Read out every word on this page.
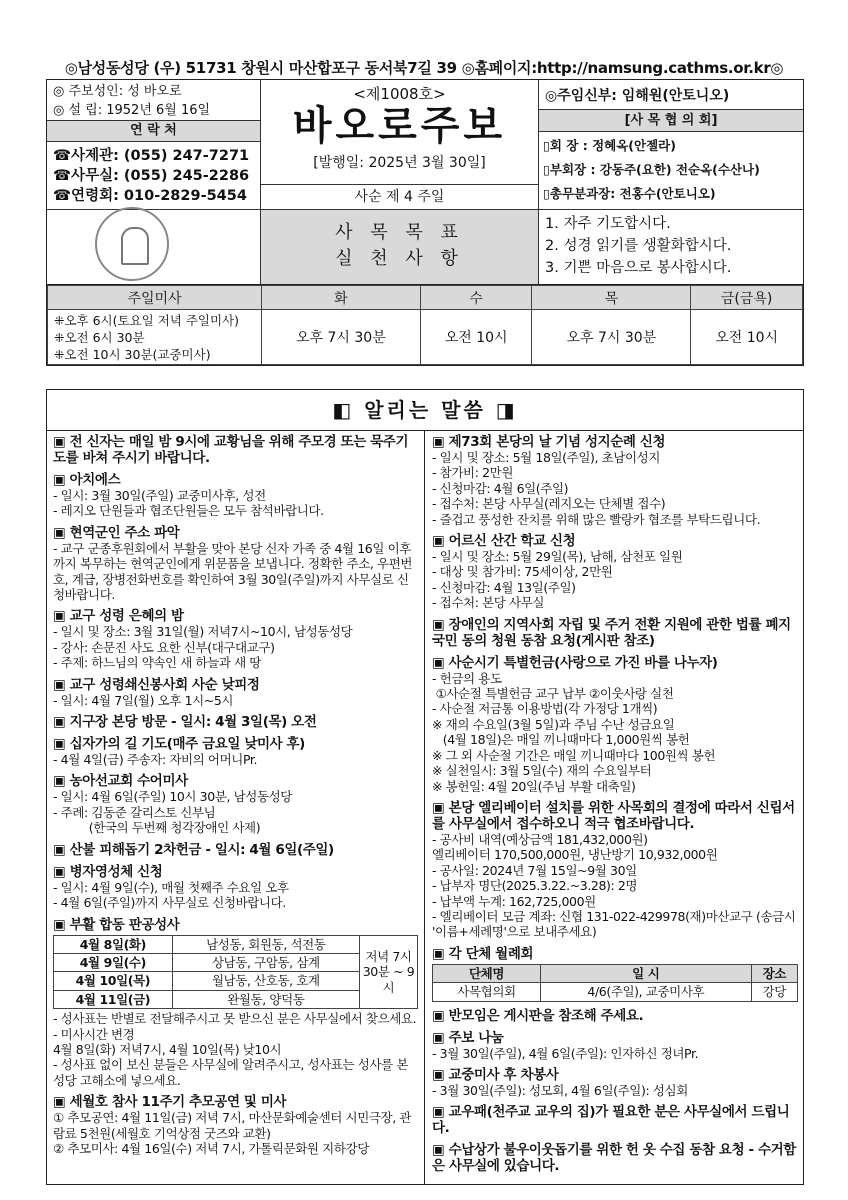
◎남성동성당 (우) 51731 창원시 마산합포구 동서북7길 39 ◎홈페이지:http://namsung.cathms.or.kr◎
◎ 주보성인: 성 바오로
◎ 설 립: 1952년 6월 16일
연 락 처
☎사제관: (055) 247-7271
☎사무실: (055) 245-2286
☎연령회: 010-2829-5454
<제1008호>
바오로주보
[발행일: 2025년 3월 30일]
사순 제 4 주일
사 목 목 표
실 천 사 항
◎주임신부: 임해원(안토니오)
[사 목 협 의 회]
▯회 장 : 정혜옥(안젤라)
▯부회장 : 강동주(요한) 전순옥(수산나)
▯총무분과장: 전홍수(안토니오)
1. 자주 기도합시다.
2. 성경 읽기를 생활화합시다.
3. 기쁜 마음으로 봉사합시다.
주일미사	화	수	목	금(금욕)

⁜오후 6시(토요일 저녁 주일미사)
⁜오전 6시 30분
⁜오전 10시 30분(교중미사)	오후 7시 30분	오전 10시	오후 7시 30분	오전 10시
◧ 알리는 말씀 ◨
▣ 전 신자는 매일 밤 9시에 교황님을 위해 주모경 또는 묵주기도를 바쳐 주시기 바랍니다.
▣ 아치에스

- 일시: 3월 30일(주일) 교중미사후, 성전
- 레지오 단원들과 협조단원들은 모두 참석바랍니다.

▣ 현역군인 주소 파악

- 교구 군종후원회에서 부활을 맞아 본당 신자 가족 중 4월 16일 이후까지 복무하는 현역군인에게 위문품을 보냅니다. 정확한 주소, 우편번호, 계급, 장병전화번호를 확인하여 3월 30일(주일)까지 사무실로 신청바랍니다.

▣ 교구 성령 은혜의 밤

- 일시 및 장소: 3월 31일(월) 저녁7시~10시, 남성동성당
- 강사: 손문진 사도 요한 신부(대구대교구)
- 주제: 하느님의 약속인 새 하늘과 새 땅

▣ 교구 성령쇄신봉사회 사순 낮피정

- 일시: 4월 7일(월) 오후 1시~5시

▣ 지구장 본당 방문 - 일시: 4월 3일(목) 오전
▣ 십자가의 길 기도(매주 금요일 낮미사 후)

- 4월 4일(금) 주송자: 자비의 어머니Pr.

▣ 농아선교회 수어미사

- 일시: 4월 6일(주일) 10시 30분, 남성동성당
- 주례: 김동준 갈리스토 신부님
(한국의 두번째 청각장애인 사제)

▣ 산불 피해돕기 2차헌금 - 일시: 4월 6일(주일)
▣ 병자영성체 신청

- 일시: 4월 9일(수), 매월 첫째주 수요일 오후
- 4월 6일(주일)까지 사무실로 신청바랍니다.

▣ 부활 합동 판공성사
4월 8일(화)	남성동, 회원동, 석전동	저녁 7시30분 ~ 9시
4월 9일(수)	상남동, 구암동, 삼계	
4월 10일(목)	월남동, 산호동, 호계	
4월 11일(금)	완월동, 양덕동	

- 성사표는 반별로 전달해주시고 못 받으신 분은 사무실에서 찾으세요.
- 미사시간 변경
4월 8일(화) 저녁7시, 4월 10일(목) 낮10시
- 성사표 없이 보신 분들은 사무실에 알려주시고, 성사표는 성사를 본 성당 고해소에 넣으세요.

▣ 세월호 참사 11주기 추모공연 및 미사

① 추모공연: 4월 11일(금) 저녁 7시, 마산문화예술센터 시민극장, 관람료 5천원(세월호 기억상점 굿즈와 교환)
② 추모미사: 4월 16일(수) 저녁 7시, 가톨릭문화원 지하강당

▣ 제73회 본당의 날 기념 성지순례 신청

- 일시 및 장소: 5월 18일(주일), 초남이성지
- 참가비: 2만원
- 신청마감: 4월 6일(주일)
- 접수처: 본당 사무실(레지오는 단체별 접수)
- 즐겁고 풍성한 잔치를 위해 많은 빨랑카 협조를 부탁드립니다.

▣ 어르신 산간 학교 신청

- 일시 및 장소: 5월 29일(목), 남해, 삼천포 일원
- 대상 및 참가비: 75세이상, 2만원
- 신청마감: 4월 13일(주일)
- 접수처: 본당 사무실

▣ 장애인의 지역사회 자립 및 주거 전환 지원에 관한 법률 폐지 국민 동의 청원 동참 요청(게시판 참조)
▣ 사순시기 특별헌금(사랑으로 가진 바를 나누자)

- 헌금의 용도
①사순절 특별헌금 교구 납부 ②이웃사랑 실천
- 사순절 저금통 이용방법(각 가정당 1개씩)
※ 재의 수요일(3월 5일)과 주님 수난 성금요일
(4월 18일)은 매일 끼니때마다 1,000원씩 봉헌
※ 그 외 사순절 기간은 매일 끼니때마다 100원씩 봉헌
※ 실천일시: 3월 5일(수) 재의 수요일부터
※ 봉헌일: 4월 20일(주님 부활 대축일)

▣ 본당 엘리베이터 설치를 위한 사목회의 결정에 따라서 신립서를 사무실에서 접수하오니 적극 협조바랍니다.

- 공사비 내역(예상금액 181,432,000원)
엘리베이터 170,500,000원, 냉난방기 10,932,000원
- 공사일: 2024년 7월 15일~9월 30일
- 납부자 명단(2025.3.22.~3.28): 2명
- 납부액 누계: 162,725,000원
- 엘리베이터 모금 계좌: 신협 131-022-429978(재)마산교구 (송금시 '이름+세례명'으로 보내주세요)

▣ 각 단체 월례회
단체명	일 시	장소
사목협의회	4/6(주일), 교중미사후	강당
▣ 반모임은 게시판을 참조해 주세요.
▣ 주보 나눔

- 3월 30일(주일), 4월 6일(주일): 인자하신 정녀Pr.

▣ 교중미사 후 차봉사

- 3월 30일(주일): 성모회, 4월 6일(주일): 성심회

▣ 교우패(천주교 교우의 집)가 필요한 분은 사무실에서 드립니다.
▣ 수납상가 불우이웃돕기를 위한 헌 옷 수집 동참 요청 - 수거함은 사무실에 있습니다.
